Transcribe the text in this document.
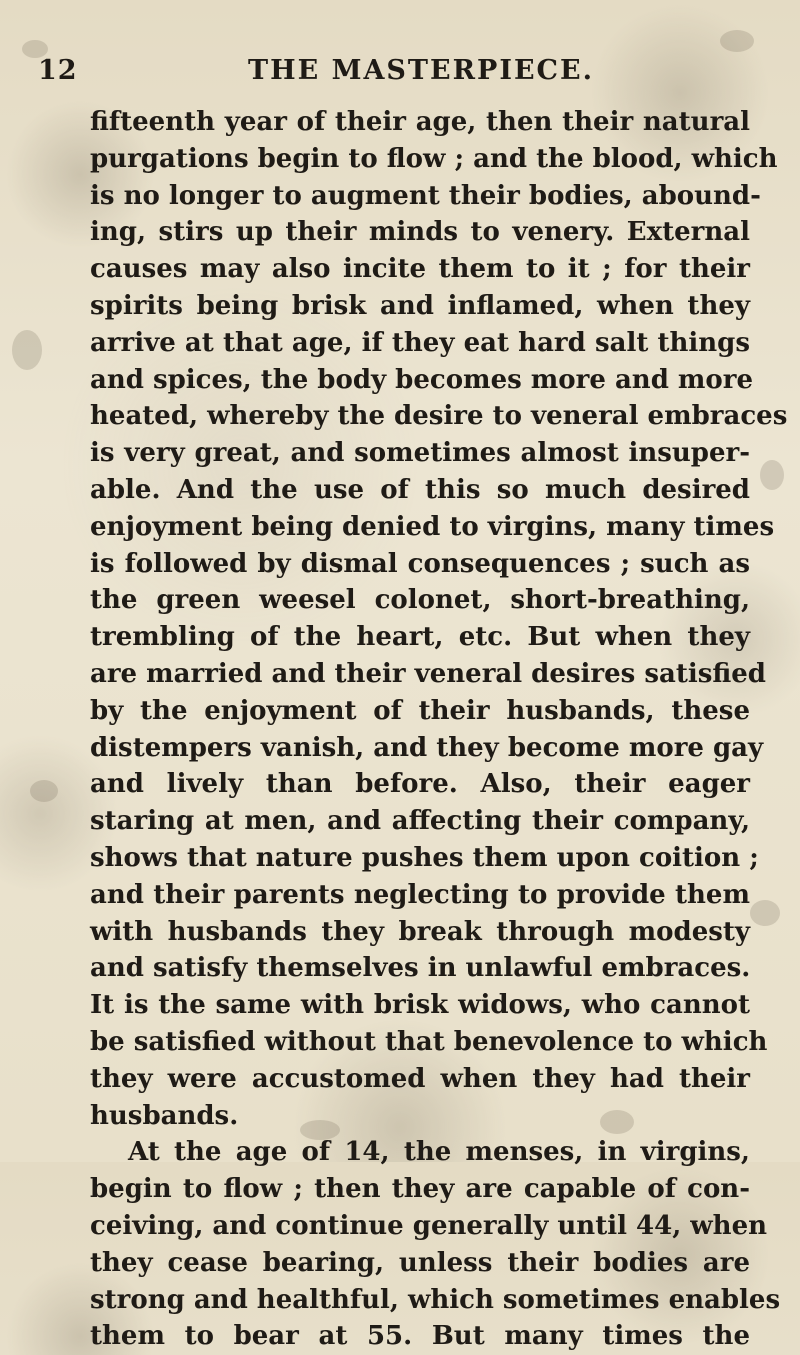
12	THE MASTERPIECE.
fifteenth year of their age, then their natural
purgations begin to flow ; and the blood, which
is no longer to augment their bodies, abound-
ing, stirs up their minds to venery. External
causes may also incite them to it ; for their
spirits being brisk and inflamed, when they
arrive at that age, if they eat hard salt things
and spices, the body becomes more and more
heated, whereby the desire to veneral embraces
is very great, and sometimes almost insuper-
able. And the use of this so much desired
enjoyment being denied to virgins, many times
is followed by dismal consequences ; such as
the green weesel colonet, short-breathing,
trembling of the heart, etc. But when they
are married and their veneral desires satisfied
by the enjoyment of their husbands, these
distempers vanish, and they become more gay
and lively than before. Also, their eager
staring at men, and affecting their company,
shows that nature pushes them upon coition ;
and their parents neglecting to provide them
with husbands they break through modesty
and satisfy themselves in unlawful embraces.
It is the same with brisk widows, who cannot
be satisfied without that benevolence to which
they were accustomed when they had their
husbands.
At the age of 14, the menses, in virgins,
begin to flow ; then they are capable of con-
ceiving, and continue generally until 44, when
they cease bearing, unless their bodies are
strong and healthful, which sometimes enables
them to bear at 55. But many times the
